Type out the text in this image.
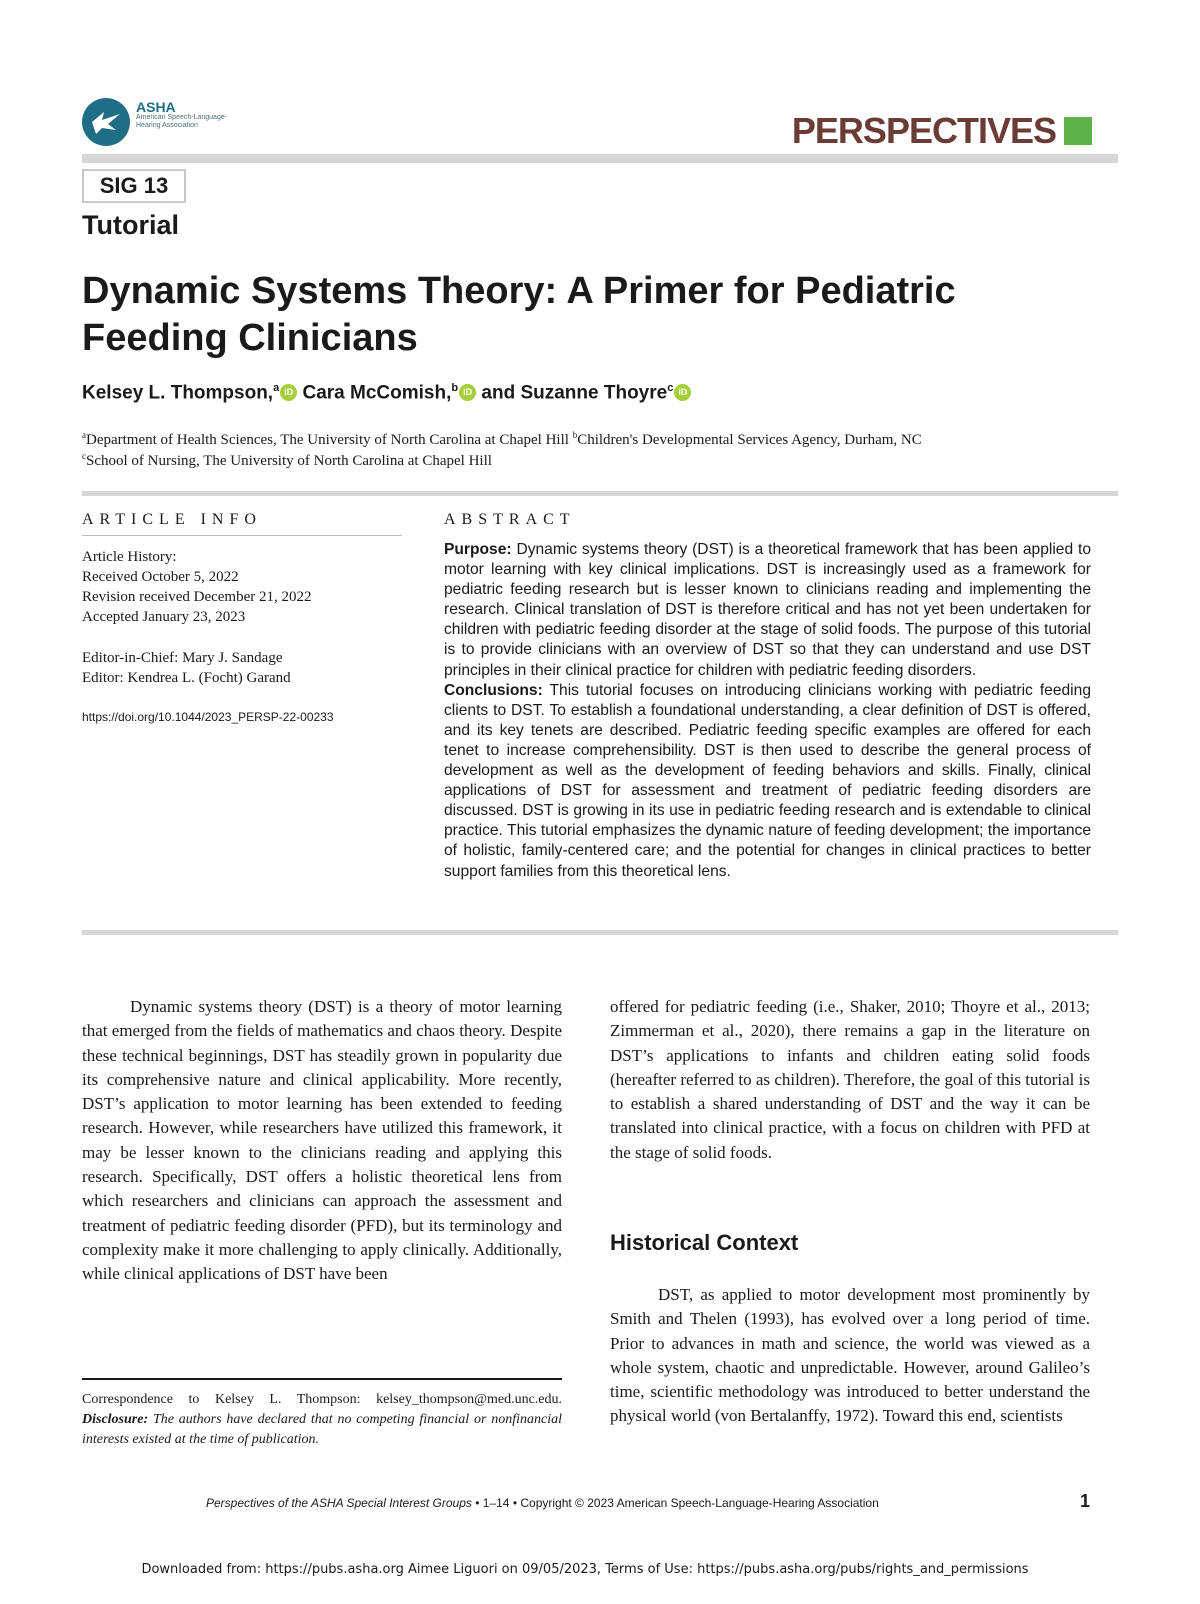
ASHA
American Speech-Language-Hearing Association	PERSPECTIVES
SIG 13
Tutorial
Dynamic Systems Theory: A Primer for Pediatric
Feeding Clinicians
Kelsey L. Thompson,$^a$ iD Cara McComish,$^b$ iD and Suzanne Thoyre$^c$ iD
$^a$Department of Health Sciences, The University of North Carolina at Chapel Hill $^b$Children's Developmental Services Agency, Durham, NC
$^c$School of Nursing, The University of North Carolina at Chapel Hill
ARTICLE INFO
Article History:
Received October 5, 2022
Revision received December 21, 2022
Accepted January 23, 2023
Editor-in-Chief: Mary J. Sandage
Editor: Kendrea L. (Focht) Garand
https://doi.org/10.1044/2023_PERSP-22-00233
ABSTRACT
Purpose: Dynamic systems theory (DST) is a theoretical framework that has been applied to motor learning with key clinical implications. DST is increasingly used as a framework for pediatric feeding research but is lesser known to clinicians reading and implementing the research. Clinical translation of DST is therefore critical and has not yet been undertaken for children with pediatric feeding disorder at the stage of solid foods. The purpose of this tutorial is to provide clinicians with an overview of DST so that they can understand and use DST principles in their clinical practice for children with pediatric feeding disorders.
Conclusions: This tutorial focuses on introducing clinicians working with pediatric feeding clients to DST. To establish a foundational understanding, a clear definition of DST is offered, and its key tenets are described. Pediatric feeding specific examples are offered for each tenet to increase comprehensibility. DST is then used to describe the general process of development as well as the development of feeding behaviors and skills. Finally, clinical applications of DST for assessment and treatment of pediatric feeding disorders are discussed. DST is growing in its use in pediatric feeding research and is extendable to clinical practice. This tutorial emphasizes the dynamic nature of feeding development; the importance of holistic, family-centered care; and the potential for changes in clinical practices to better support families from this theoretical lens.

Dynamic systems theory (DST) is a theory of motor learning that emerged from the fields of mathematics and chaos theory. Despite these technical beginnings, DST has steadily grown in popularity due its comprehensive nature and clinical applicability. More recently, DST’s application to motor learning has been extended to feeding research. However, while researchers have utilized this framework, it may be lesser known to the clinicians reading and applying this research. Specifically, DST offers a holistic theoretical lens from which researchers and clinicians can approach the assessment and treatment of pediatric feeding disorder (PFD), but its terminology and complexity make it more challenging to apply clinically. Additionally, while clinical applications of DST have been

offered for pediatric feeding (i.e., Shaker, 2010; Thoyre et al., 2013; Zimmerman et al., 2020), there remains a gap in the literature on DST’s applications to infants and children eating solid foods (hereafter referred to as children). Therefore, the goal of this tutorial is to establish a shared understanding of DST and the way it can be translated into clinical practice, with a focus on children with PFD at the stage of solid foods.

Historical Context

DST, as applied to motor development most prominently by Smith and Thelen (1993), has evolved over a long period of time. Prior to advances in math and science, the world was viewed as a whole system, chaotic and unpredictable. However, around Galileo’s time, scientific methodology was introduced to better understand the physical world (von Bertalanffy, 1972). Toward this end, scientists

Correspondence to Kelsey L. Thompson: kelsey_thompson@med.unc.edu. Disclosure: The authors have declared that no competing financial or nonfinancial interests existed at the time of publication.
Perspectives of the ASHA Special Interest Groups • 1–14 • Copyright © 2023 American Speech-Language-Hearing Association	1
Downloaded from: https://pubs.asha.org Aimee Liguori on 09/05/2023, Terms of Use: https://pubs.asha.org/pubs/rights_and_permissions
